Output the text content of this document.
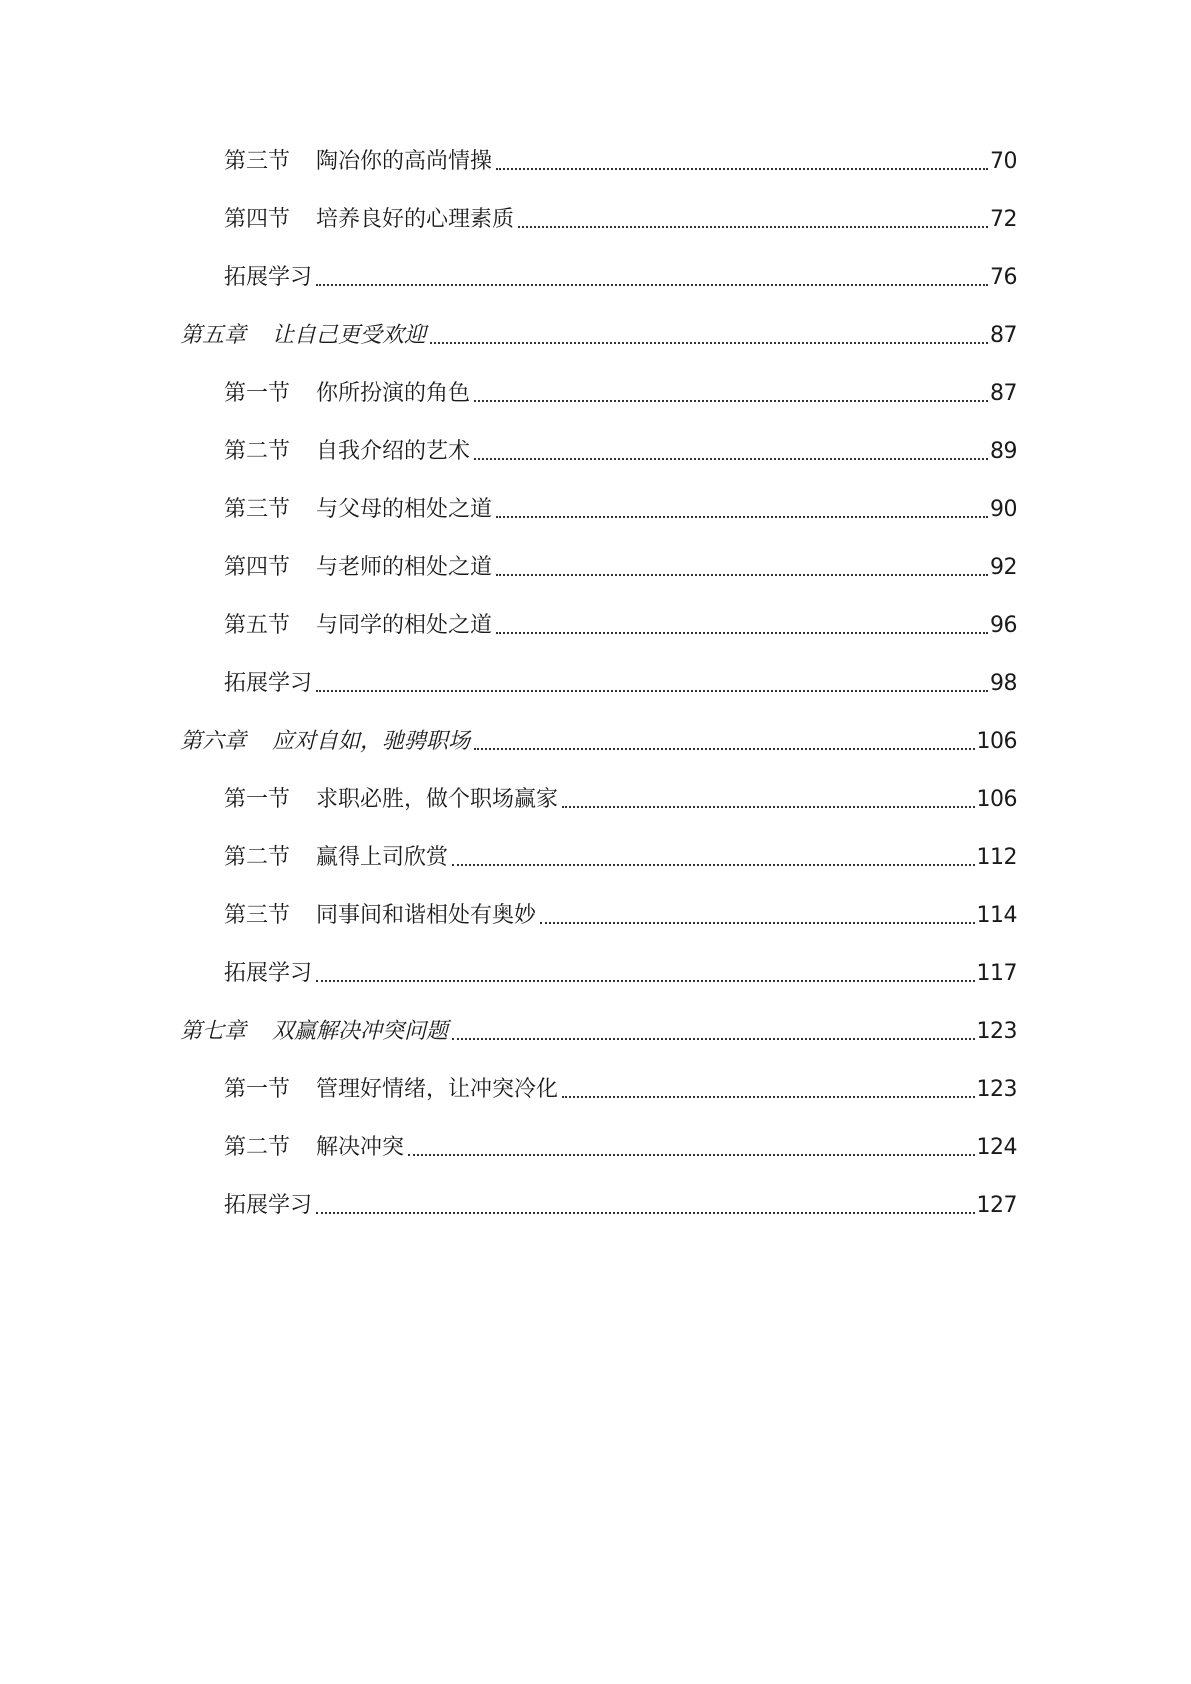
第三节 陶冶你的高尚情操	70
第四节 培养良好的心理素质	72
拓展学习	76
第五章 让自己更受欢迎	87
第一节 你所扮演的角色	87
第二节 自我介绍的艺术	89
第三节 与父母的相处之道	90
第四节 与老师的相处之道	92
第五节 与同学的相处之道	96
拓展学习	98
第六章 应对自如，驰骋职场	106
第一节 求职必胜，做个职场赢家	106
第二节 赢得上司欣赏	112
第三节 同事间和谐相处有奥妙	114
拓展学习	117
第七章 双赢解决冲突问题	123
第一节 管理好情绪，让冲突冷化	123
第二节 解决冲突	124
拓展学习	127
